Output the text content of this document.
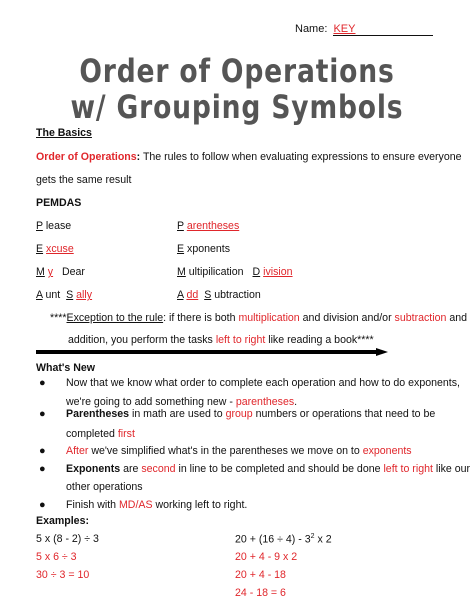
Name: KEY
Order of Operations
w/ Grouping Symbols
The Basics
Order of Operations: The rules to follow when evaluating expressions to ensure everyone
gets the same result
PEMDAS
P lease
E xcuse
M y Dear
A unt S ally
P arentheses
E xponents
M ultipilication D ivision
A dd S ubtraction
****Exception to the rule: if there is both multiplication and division and/or subtraction and
addition, you perform the tasks left to right like reading a book****
What's New
● Now that we know what order to complete each operation and how to do exponents,
we're going to add something new - parentheses.
● Parentheses in math are used to group numbers or operations that need to be
completed first
● After we've simplified what's in the parentheses we move on to exponents
● Exponents are second in line to be completed and should be done left to right like our
other operations
● Finish with MD/AS working left to right.
Examples:
5 x (8 - 2) ÷ 3
5 x 6 ÷ 3
30 ÷ 3 = 10
$20 + (16 \div 4) - 3^2$ x 2
20 + 4 - 9 x 2
20 + 4 - 18
24 - 18 = 6
